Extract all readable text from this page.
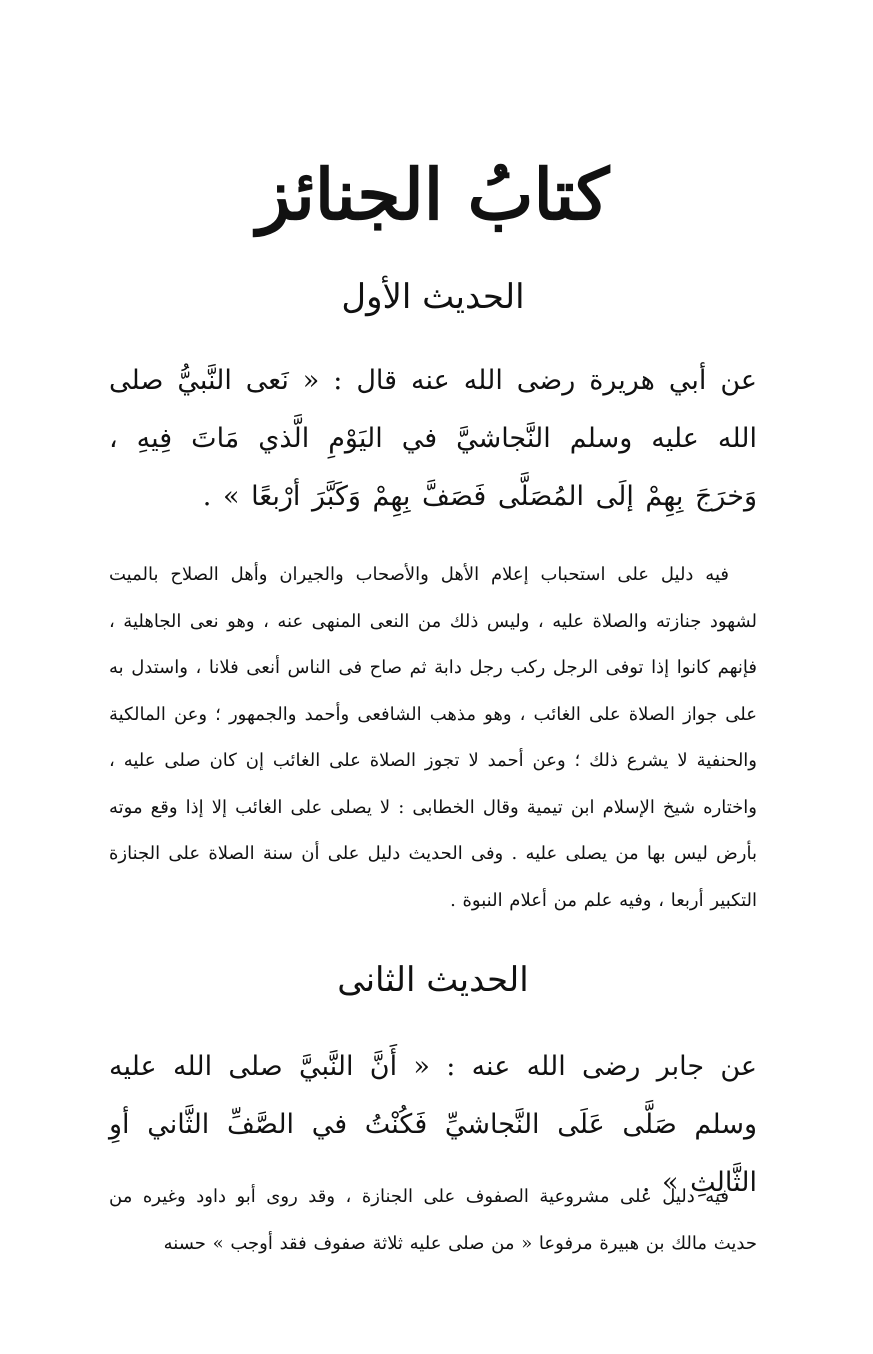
كتابُ الجنائز
الحديث الأول
عن أبي هريرة رضى الله عنه قال : « نَعى النَّبيُّ صلى الله عليه وسلم النَّجاشيَّ في اليَوْمِ الَّذي مَاتَ فِيهِ ، وَخرَجَ بِهِمْ إلَى المُصَلَّى فَصَفَّ بِهِمْ وَكَبَّرَ أرْبعًا » .
فيه دليل على استحباب إعلام الأهل والأصحاب والجيران وأهل الصلاح بالميت لشهود جنازته والصلاة عليه ، وليس ذلك من النعى المنهى عنه ، وهو نعى الجاهلية ، فإنهم كانوا إذا توفى الرجل ركب رجل دابة ثم صاح فى الناس أنعى فلانا ، واستدل به على جواز الصلاة على الغائب ، وهو مذهب الشافعى وأحمد والجمهور ؛ وعن المالكية والحنفية لا يشرع ذلك ؛ وعن أحمد لا تجوز الصلاة على الغائب إن كان صلى عليه ، واختاره شيخ الإسلام ابن تيمية وقال الخطابى : لا يصلى على الغائب إلا إذا وقع موته بأرض ليس بها من يصلى عليه . وفى الحديث دليل على أن سنة الصلاة على الجنازة التكبير أربعا ، وفيه علم من أعلام النبوة .
الحديث الثانى
عن جابر رضى الله عنه : « أَنَّ النَّبيَّ صلى الله عليه وسلم صَلَّى عَلَى النَّجاشيِّ فَكُنْتُ في الصَّفِّ الثَّاني أوِ الثَّالِثِ » .
فيه دليل على مشروعية الصفوف على الجنازة ، وقد روى أبو داود وغيره من حديث مالك بن هبيرة مرفوعا « من صلى عليه ثلاثة صفوف فقد أوجب » حسنه
